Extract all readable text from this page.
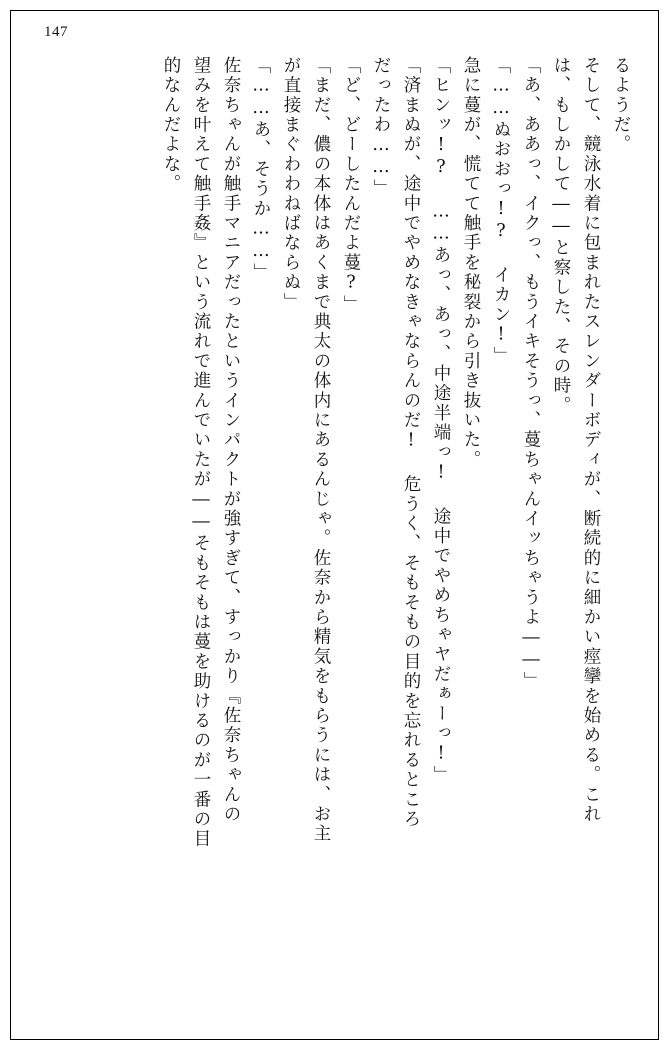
147
るようだ。
そして、競泳水着に包まれたスレンダーボディが、断続的に細かい痙攣を始める。これ
は、もしかして――と察した、その時。
「あ、ああっ、イクっ、もうイキそうっ、蔓ちゃんイッちゃうよ――」
「……ぬおおっ!? イカン!」
急に蔓が、慌てて触手を秘裂から引き抜いた。
「ヒンッ!? ……あっ、あっ、中途半端っ! 途中でやめちゃヤだぁーっ!」
「済まぬが、途中でやめなきゃならんのだ! 危うく、そもそもの目的を忘れるところ
だったわ……」
「ど、どーしたんだよ蔓?」
「まだ、儂の本体はあくまで典太の体内にあるんじゃ。佐奈から精気をもらうには、お主
が直接まぐわわねばならぬ」
「……あ、そうか……」
佐奈ちゃんが触手マニアだったというインパクトが強すぎて、すっかり『佐奈ちゃんの
望みを叶えて触手姦』という流れで進んでいたが――そもそもは蔓を助けるのが一番の目
的なんだよな。
